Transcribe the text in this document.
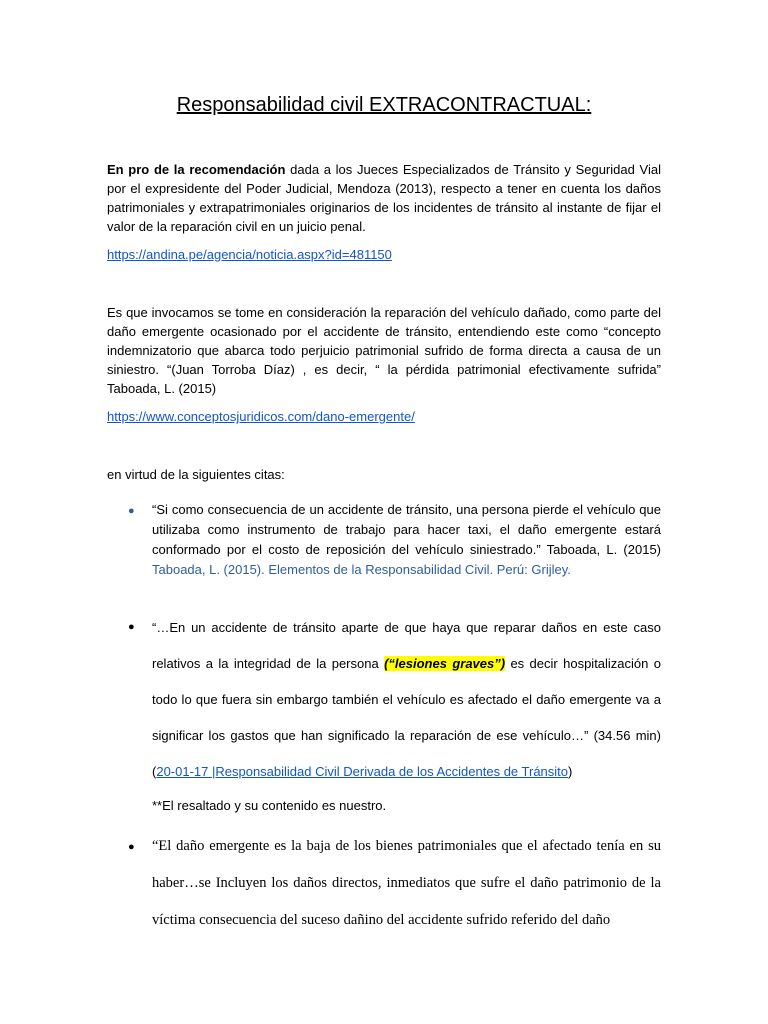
Responsabilidad civil EXTRACONTRACTUAL:

En pro de la recomendación dada a los Jueces Especializados de Tránsito y Seguridad Vial por el expresidente del Poder Judicial, Mendoza (2013), respecto a tener en cuenta los daños patrimoniales y extrapatrimoniales originarios de los incidentes de tránsito al instante de fijar el valor de la reparación civil en un juicio penal.

https://andina.pe/agencia/noticia.aspx?id=481150

Es que invocamos se tome en consideración la reparación del vehículo dañado, como parte del daño emergente ocasionado por el accidente de tránsito, entendiendo este como “concepto indemnizatorio que abarca todo perjuicio patrimonial sufrido de forma directa a causa de un siniestro. “(Juan Torroba Díaz) , es decir, “ la pérdida patrimonial efectivamente sufrida” Taboada, L. (2015)

https://www.conceptosjuridicos.com/dano-emergente/

en virtud de la siguientes citas:

● “Si como consecuencia de un accidente de tránsito, una persona pierde el vehículo que utilizaba como instrumento de trabajo para hacer taxi, el daño emergente estará conformado por el costo de reposición del vehículo siniestrado.” Taboada, L. (2015) Taboada, L. (2015). Elementos de la Responsabilidad Civil. Perú: Grijley.

● “…En un accidente de tránsito aparte de que haya que reparar daños en este caso relativos a la integridad de la persona (“lesiones graves”) es decir hospitalización o todo lo que fuera sin embargo también el vehículo es afectado el daño emergente va a significar los gastos que han significado la reparación de ese vehículo…” (34.56 min) (20-01-17 |Responsabilidad Civil Derivada de los Accidentes de Tránsito)

**El resaltado y su contenido es nuestro.

● “El daño emergente es la baja de los bienes patrimoniales que el afectado tenía en su haber…se Incluyen los daños directos, inmediatos que sufre el daño patrimonio de la víctima consecuencia del suceso dañino del accidente sufrido referido del daño
